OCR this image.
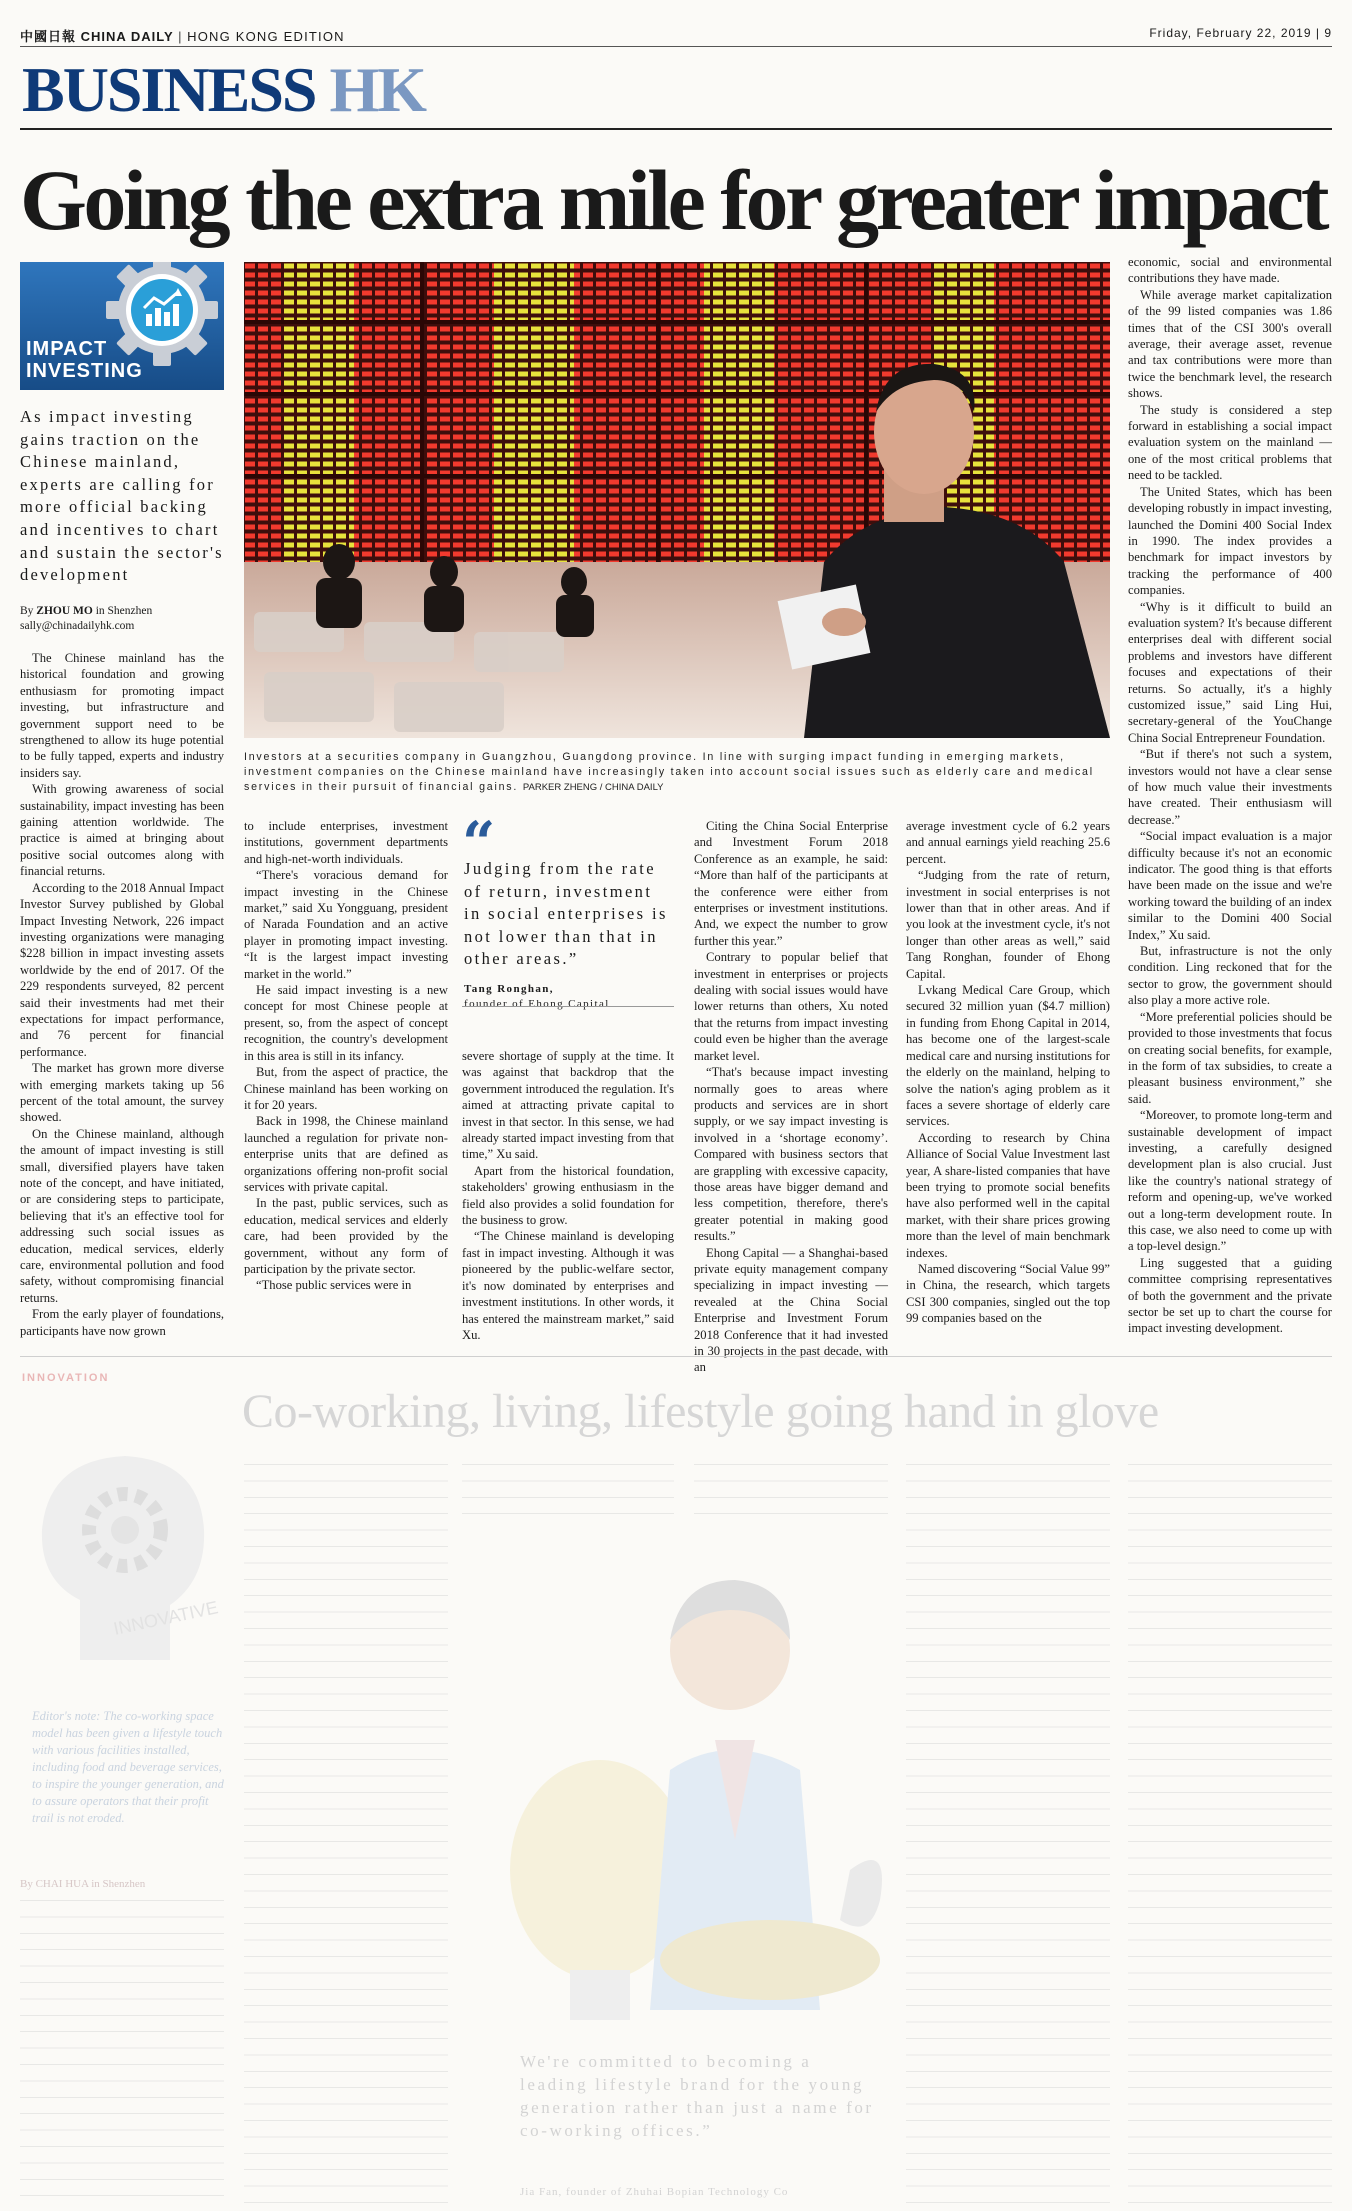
中國日報 CHINA DAILY | HONG KONG EDITION	Friday, February 22, 2019 | 9
BUSINESS HK
Going the extra mile for greater impact
IMPACT
INVESTING
As impact investing gains traction on the Chinese mainland, experts are calling for more official backing and incentives to chart and sustain the sector's development
By ZHOU MO in Shenzhen
sally@chinadailyhk.com
Investors at a securities company in Guangzhou, Guangdong province. In line with surging impact funding in emerging markets, investment companies on the Chinese mainland have increasingly taken into account social issues such as elderly care and medical services in their pursuit of financial gains. PARKER ZHENG / CHINA DAILY

The Chinese mainland has the historical foundation and growing enthusiasm for promoting impact investing, but infrastructure and government support need to be strengthened to allow its huge potential to be fully tapped, experts and industry insiders say.

With growing awareness of social sustainability, impact investing has been gaining attention worldwide. The practice is aimed at bringing about positive social outcomes along with financial returns.

According to the 2018 Annual Impact Investor Survey published by Global Impact Investing Network, 226 impact investing organizations were managing $228 billion in impact investing assets worldwide by the end of 2017. Of the 229 respondents surveyed, 82 percent said their investments had met their expectations for impact performance, and 76 percent for financial performance.

The market has grown more diverse with emerging markets taking up 56 percent of the total amount, the survey showed.

On the Chinese mainland, although the amount of impact investing is still small, diversified players have taken note of the concept, and have initiated, or are considering steps to participate, believing that it's an effective tool for addressing such social issues as education, medical services, elderly care, environmental pollution and food safety, without compromising financial returns.

From the early player of foundations, participants have now grown

to include enterprises, investment institutions, government departments and high-net-worth individuals.

“There's voracious demand for impact investing in the Chinese market,” said Xu Yongguang, president of Narada Foundation and an active player in promoting impact investing. “It is the largest impact investing market in the world.”

He said impact investing is a new concept for most Chinese people at present, so, from the aspect of concept recognition, the country's development in this area is still in its infancy.

But, from the aspect of practice, the Chinese mainland has been working on it for 20 years.

Back in 1998, the Chinese mainland launched a regulation for private non-enterprise units that are defined as organizations offering non-profit social services with private capital.

In the past, public services, such as education, medical services and elderly care, had been provided by the government, without any form of participation by the private sector.

“Those public services were in

severe shortage of supply at the time. It was against that backdrop that the government introduced the regulation. It's aimed at attracting private capital to invest in that sector. In this sense, we had already started impact investing from that time,” Xu said.

Apart from the historical foundation, stakeholders' growing enthusiasm in the field also provides a solid foundation for the business to grow.

“The Chinese mainland is developing fast in impact investing. Although it was pioneered by the public-welfare sector, it's now dominated by enterprises and investment institutions. In other words, it has entered the mainstream market,” said Xu.

Citing the China Social Enterprise and Investment Forum 2018 Conference as an example, he said: “More than half of the participants at the conference were either from enterprises or investment institutions. And, we expect the number to grow further this year.”

Contrary to popular belief that investment in enterprises or projects dealing with social issues would have lower returns than others, Xu noted that the returns from impact investing could even be higher than the average market level.

“That's because impact investing normally goes to areas where products and services are in short supply, or we say impact investing is involved in a ‘shortage economy’. Compared with business sectors that are grappling with excessive capacity, those areas have bigger demand and less competition, therefore, there's greater potential in making good results.”

Ehong Capital — a Shanghai-based private equity management company specializing in impact investing — revealed at the China Social Enterprise and Investment Forum 2018 Conference that it had invested in 30 projects in the past decade, with an

average investment cycle of 6.2 years and annual earnings yield reaching 25.6 percent.

“Judging from the rate of return, investment in social enterprises is not lower than that in other areas. And if you look at the investment cycle, it's not longer than other areas as well,” said Tang Ronghan, founder of Ehong Capital.

Lvkang Medical Care Group, which secured 32 million yuan ($4.7 million) in funding from Ehong Capital in 2014, has become one of the largest-scale medical care and nursing institutions for the elderly on the mainland, helping to solve the nation's aging problem as it faces a severe shortage of elderly care services.

According to research by China Alliance of Social Value Investment last year, A share-listed companies that have been trying to promote social benefits have also performed well in the capital market, with their share prices growing more than the level of main benchmark indexes.

Named discovering “Social Value 99” in China, the research, which targets CSI 300 companies, singled out the top 99 companies based on the

economic, social and environmental contributions they have made.

While average market capitalization of the 99 listed companies was 1.86 times that of the CSI 300's overall average, their average asset, revenue and tax contributions were more than twice the benchmark level, the research shows.

The study is considered a step forward in establishing a social impact evaluation system on the mainland — one of the most critical problems that need to be tackled.

The United States, which has been developing robustly in impact investing, launched the Domini 400 Social Index in 1990. The index provides a benchmark for impact investors by tracking the performance of 400 companies.

“Why is it difficult to build an evaluation system? It's because different enterprises deal with different social problems and investors have different focuses and expectations of their returns. So actually, it's a highly customized issue,” said Ling Hui, secretary-general of the YouChange China Social Entrepreneur Foundation.

“But if there's not such a system, investors would not have a clear sense of how much value their investments have created. Their enthusiasm will decrease.”

“Social impact evaluation is a major difficulty because it's not an economic indicator. The good thing is that efforts have been made on the issue and we're working toward the building of an index similar to the Domini 400 Social Index,” Xu said.

But, infrastructure is not the only condition. Ling reckoned that for the sector to grow, the government should also play a more active role.

“More preferential policies should be provided to those investments that focus on creating social benefits, for example, in the form of tax subsidies, to create a pleasant business environment,” she said.

“Moreover, to promote long-term and sustainable development of impact investing, a carefully designed development plan is also crucial. Just like the country's national strategy of reform and opening-up, we've worked out a long-term development route. In this case, we also need to come up with a top-level design.”

Ling suggested that a guiding committee comprising representatives of both the government and the private sector be set up to chart the course for impact investing development.

“
Judging from the rate of return, investment in social enterprises is not lower than that in other areas.”
Tang Ronghan,
founder of Ehong Capital
INNOVATION
Co-working, living, lifestyle going hand in glove
INNOVATIVE
Editor's note: The co-working space model has been given a lifestyle touch with various facilities installed, including food and beverage services, to inspire the younger generation, and to assure operators that their profit trail is not eroded.
By CHAI HUA in Shenzhen
We're committed to becoming a leading lifestyle brand for the young generation rather than just a name for co-working offices.”
Jia Fan, founder of Zhuhai Bopian Technology Co
